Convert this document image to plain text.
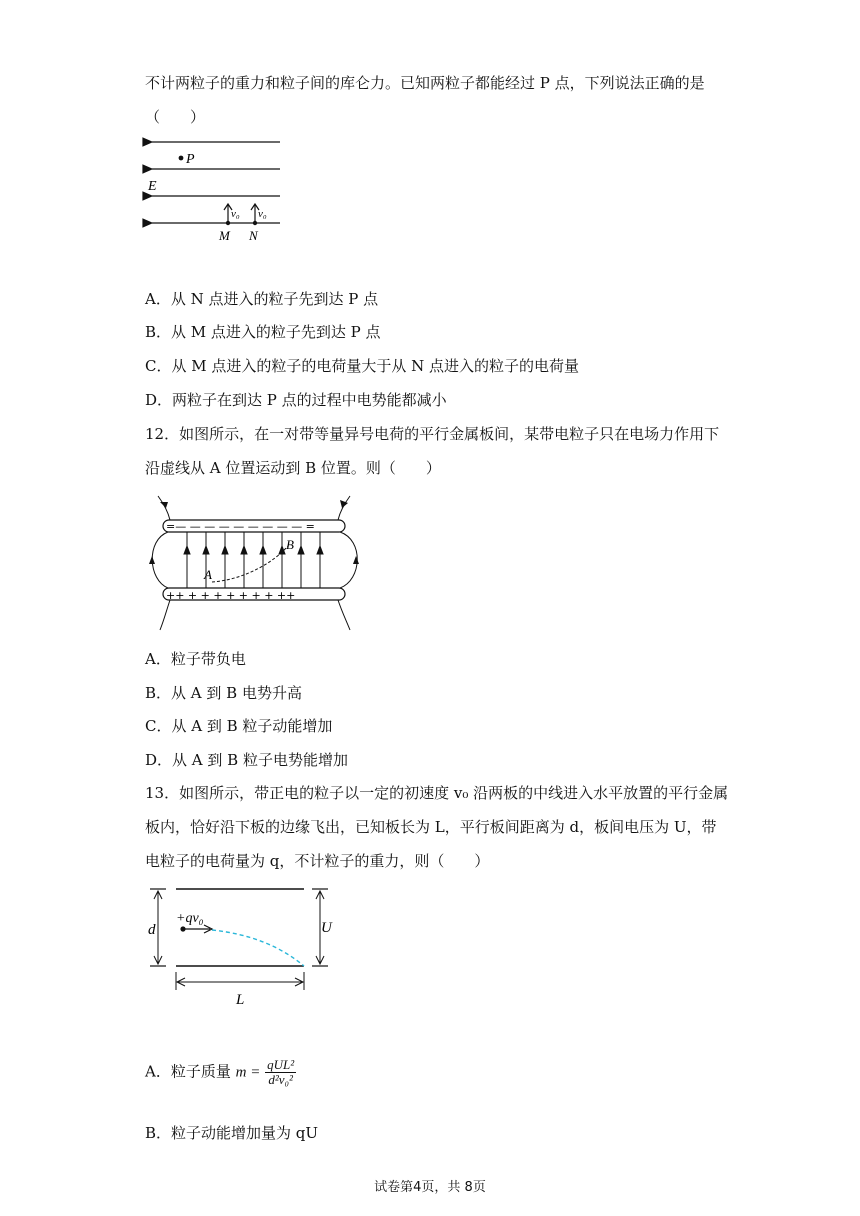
不计两粒子的重力和粒子间的库仑力。已知两粒子都能经过 P 点，下列说法正确的是
（　　）
P
E
v₀ v₀
M N
A．从 N 点进入的粒子先到达 P 点
B．从 M 点进入的粒子先到达 P 点
C．从 M 点进入的粒子的电荷量大于从 N 点进入的粒子的电荷量
D．两粒子在到达 P 点的过程中电势能都减小
12．如图所示，在一对带等量异号电荷的平行金属板间，某带电粒子只在电场力作用下
沿虚线从 A 位置运动到 B 位置。则（　　）
=— — — — — — — — — =
++ + + + + + + + ++
A
B
A．粒子带负电
B．从 A 到 B 电势升高
C．从 A 到 B 粒子动能增加
D．从 A 到 B 粒子电势能增加
13．如图所示，带正电的粒子以一定的初速度 v₀ 沿两板的中线进入水平放置的平行金属
板内，恰好沿下板的边缘飞出，已知板长为 L，平行板间距离为 d，板间电压为 U，带
电粒子的电荷量为 q，不计粒子的重力，则（　　）
d	U
+qv₀
L
A．粒子质量 $m = \frac{\text{qUL²}}{\text{d²v₀²}}$
B．粒子动能增加量为 qU
试卷第4页，共 8页
